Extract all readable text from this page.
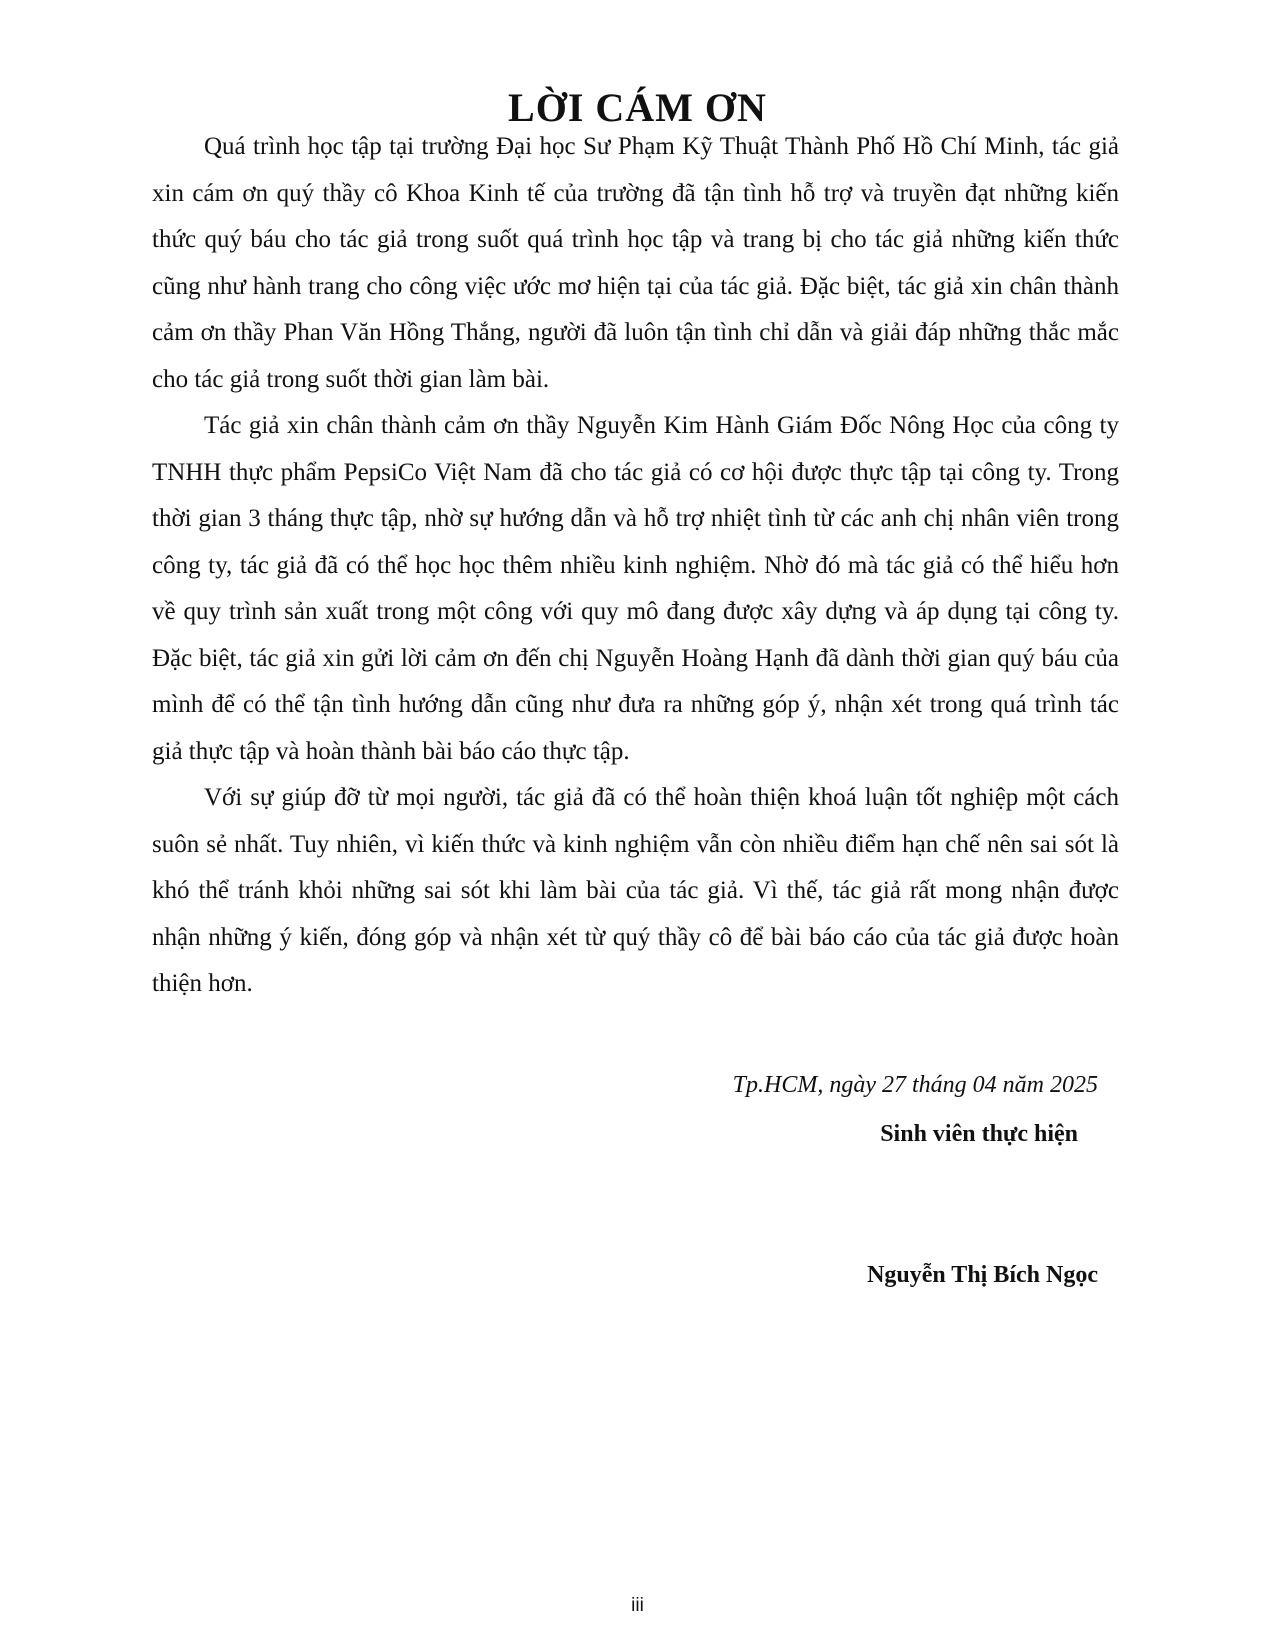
LỜI CÁM ƠN

Quá trình học tập tại trường Đại học Sư Phạm Kỹ Thuật Thành Phố Hồ Chí Minh, tác giả xin cám ơn quý thầy cô Khoa Kinh tế của trường đã tận tình hỗ trợ và truyền đạt những kiến thức quý báu cho tác giả trong suốt quá trình học tập và trang bị cho tác giả những kiến thức cũng như hành trang cho công việc ước mơ hiện tại của tác giả. Đặc biệt, tác giả xin chân thành cảm ơn thầy Phan Văn Hồng Thắng, người đã luôn tận tình chỉ dẫn và giải đáp những thắc mắc cho tác giả trong suốt thời gian làm bài.

Tác giả xin chân thành cảm ơn thầy Nguyễn Kim Hành Giám Đốc Nông Học của công ty TNHH thực phẩm PepsiCo Việt Nam đã cho tác giả có cơ hội được thực tập tại công ty. Trong thời gian 3 tháng thực tập, nhờ sự hướng dẫn và hỗ trợ nhiệt tình từ các anh chị nhân viên trong công ty, tác giả đã có thể học học thêm nhiều kinh nghiệm. Nhờ đó mà tác giả có thể hiểu hơn về quy trình sản xuất trong một công với quy mô đang được xây dựng và áp dụng tại công ty. Đặc biệt, tác giả xin gửi lời cảm ơn đến chị Nguyễn Hoàng Hạnh đã dành thời gian quý báu của mình để có thể tận tình hướng dẫn cũng như đưa ra những góp ý, nhận xét trong quá trình tác giả thực tập và hoàn thành bài báo cáo thực tập.

Với sự giúp đỡ từ mọi người, tác giả đã có thể hoàn thiện khoá luận tốt nghiệp một cách suôn sẻ nhất. Tuy nhiên, vì kiến thức và kinh nghiệm vẫn còn nhiều điểm hạn chế nên sai sót là khó thể tránh khỏi những sai sót khi làm bài của tác giả. Vì thế, tác giả rất mong nhận được nhận những ý kiến, đóng góp và nhận xét từ quý thầy cô để bài báo cáo của tác giả được hoàn thiện hơn.

Tp.HCM, ngày 27 tháng 04 năm 2025
Sinh viên thực hiện
Nguyễn Thị Bích Ngọc
iii
